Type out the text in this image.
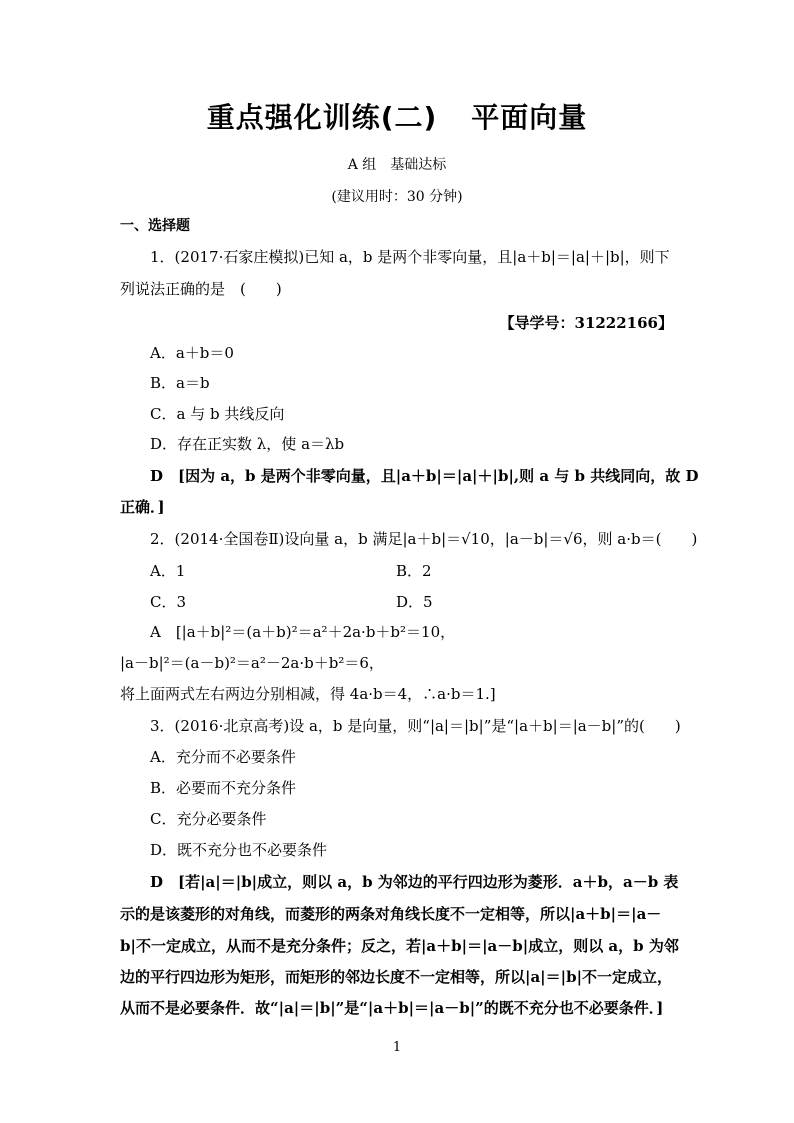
重点强化训练(二) 平面向量
A 组　基础达标
(建议用时：30 分钟)
一、选择题
1．(2017·石家庄模拟)已知 a，b 是两个非零向量，且|a＋b|＝|a|＋|b|，则下
列说法正确的是　(　　)
【导学号：31222166】
A．a＋b＝0
B．a＝b
C．a 与 b 共线反向
D．存在正实数 λ，使 a＝λb
D　[因为 a，b 是两个非零向量，且|a＋b|＝|a|＋|b|,则 a 与 b 共线同向，故 D
正确．]
2．(2014·全国卷Ⅱ)设向量 a，b 满足|a＋b|＝√10，|a－b|＝√6，则 a·b＝(　　)
A．1	B．2
C．3	D．5
A　[|a＋b|²＝(a＋b)²＝a²＋2a·b＋b²＝10，
|a－b|²＝(a－b)²＝a²－2a·b＋b²＝6，
将上面两式左右两边分别相减，得 4a·b＝4，∴a·b＝1.]
3．(2016·北京高考)设 a，b 是向量，则“|a|＝|b|”是“|a＋b|＝|a－b|”的(　　)
A．充分而不必要条件
B．必要而不充分条件
C．充分必要条件
D．既不充分也不必要条件
D　[若|a|＝|b|成立，则以 a，b 为邻边的平行四边形为菱形．a＋b，a－b 表
示的是该菱形的对角线，而菱形的两条对角线长度不一定相等，所以|a＋b|＝|a－
b|不一定成立，从而不是充分条件；反之，若|a＋b|＝|a－b|成立，则以 a，b 为邻
边的平行四边形为矩形，而矩形的邻边长度不一定相等，所以|a|＝|b|不一定成立，
从而不是必要条件．故“|a|＝|b|”是“|a＋b|＝|a－b|”的既不充分也不必要条件．]
1
